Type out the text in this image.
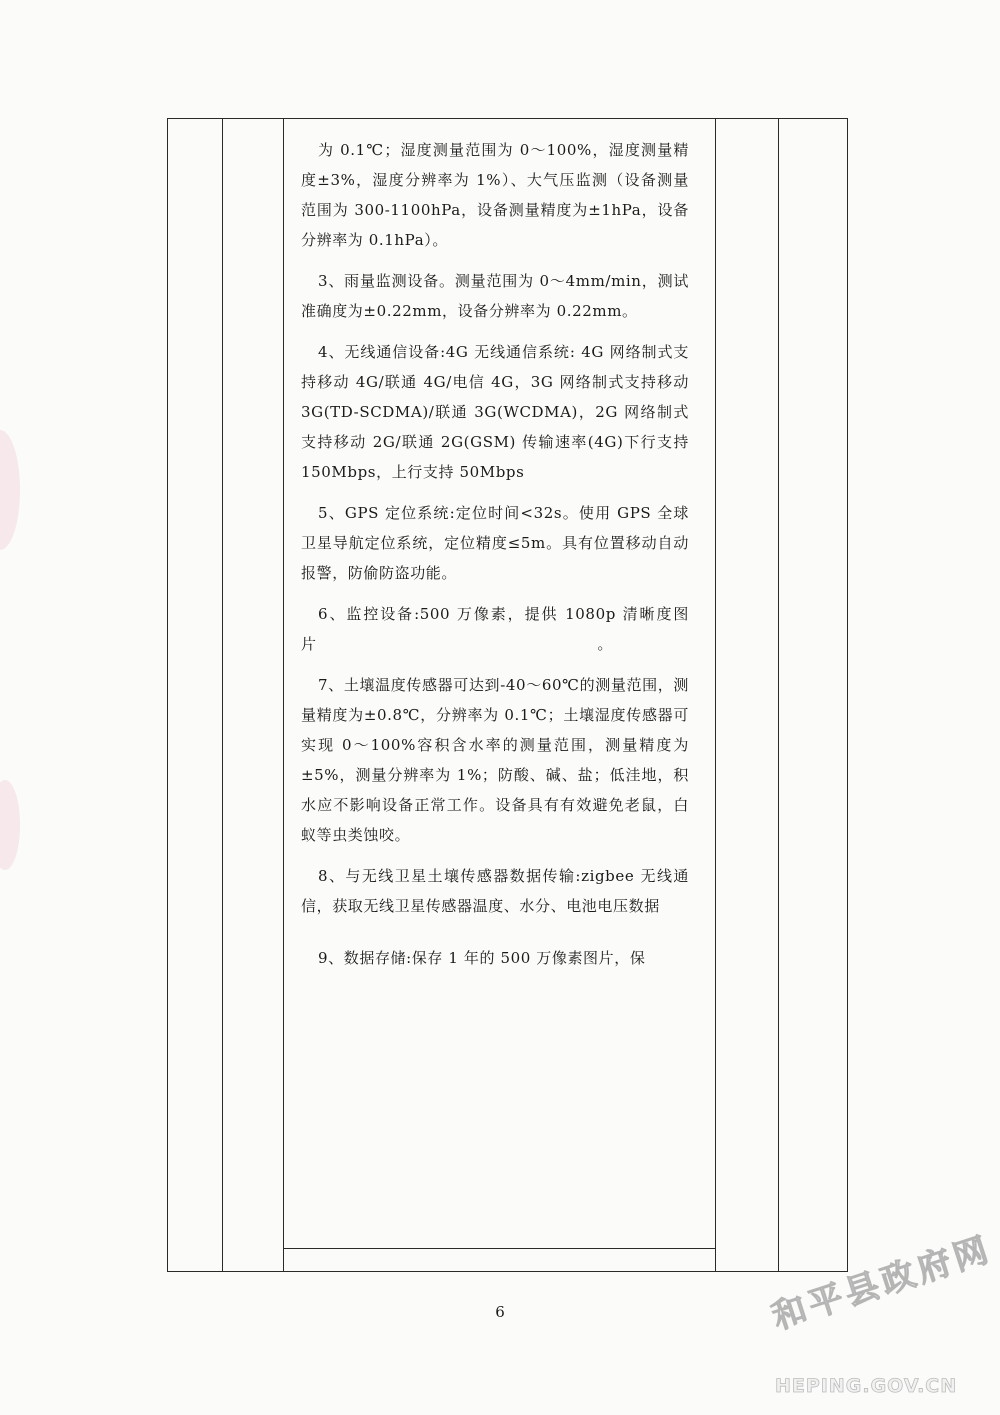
为 0.1℃；湿度测量范围为 0～100%，湿度测量精度±3%，湿度分辨率为 1%）、大气压监测（设备测量范围为 300-1100hPa，设备测量精度为±1hPa，设备分辨率为 0.1hPa）。

3、雨量监测设备。测量范围为 0～4mm/min，测试准确度为±0.22mm，设备分辨率为 0.22mm。

4、无线通信设备:4G 无线通信系统: 4G 网络制式支持移动 4G/联通 4G/电信 4G，3G 网络制式支持移动 3G(TD-SCDMA)/联通 3G(WCDMA)，2G 网络制式支持移动 2G/联通 2G(GSM) 传输速率(4G)下行支持 150Mbps，上行支持 50Mbps

5、GPS 定位系统:定位时间<32s。使用 GPS 全球卫星导航定位系统，定位精度≤5m。具有位置移动自动报警，防偷防盗功能。

6、监控设备:500 万像素，提供 1080p 清晰度图片　　　　　　　　　　　　　　　　　　。

7、土壤温度传感器可达到-40～60℃的测量范围，测量精度为±0.8℃，分辨率为 0.1℃；土壤湿度传感器可实现 0～100%容积含水率的测量范围，测量精度为±5%，测量分辨率为 1%；防酸、碱、盐；低洼地，积水应不影响设备正常工作。设备具有有效避免老鼠，白蚁等虫类蚀咬。

8、与无线卫星土壤传感器数据传输:zigbee 无线通信，获取无线卫星传感器温度、水分、电池电压数据

9、数据存储:保存 1 年的 500 万像素图片，保

6	和平县政府网
HEPING.GOV.CN
